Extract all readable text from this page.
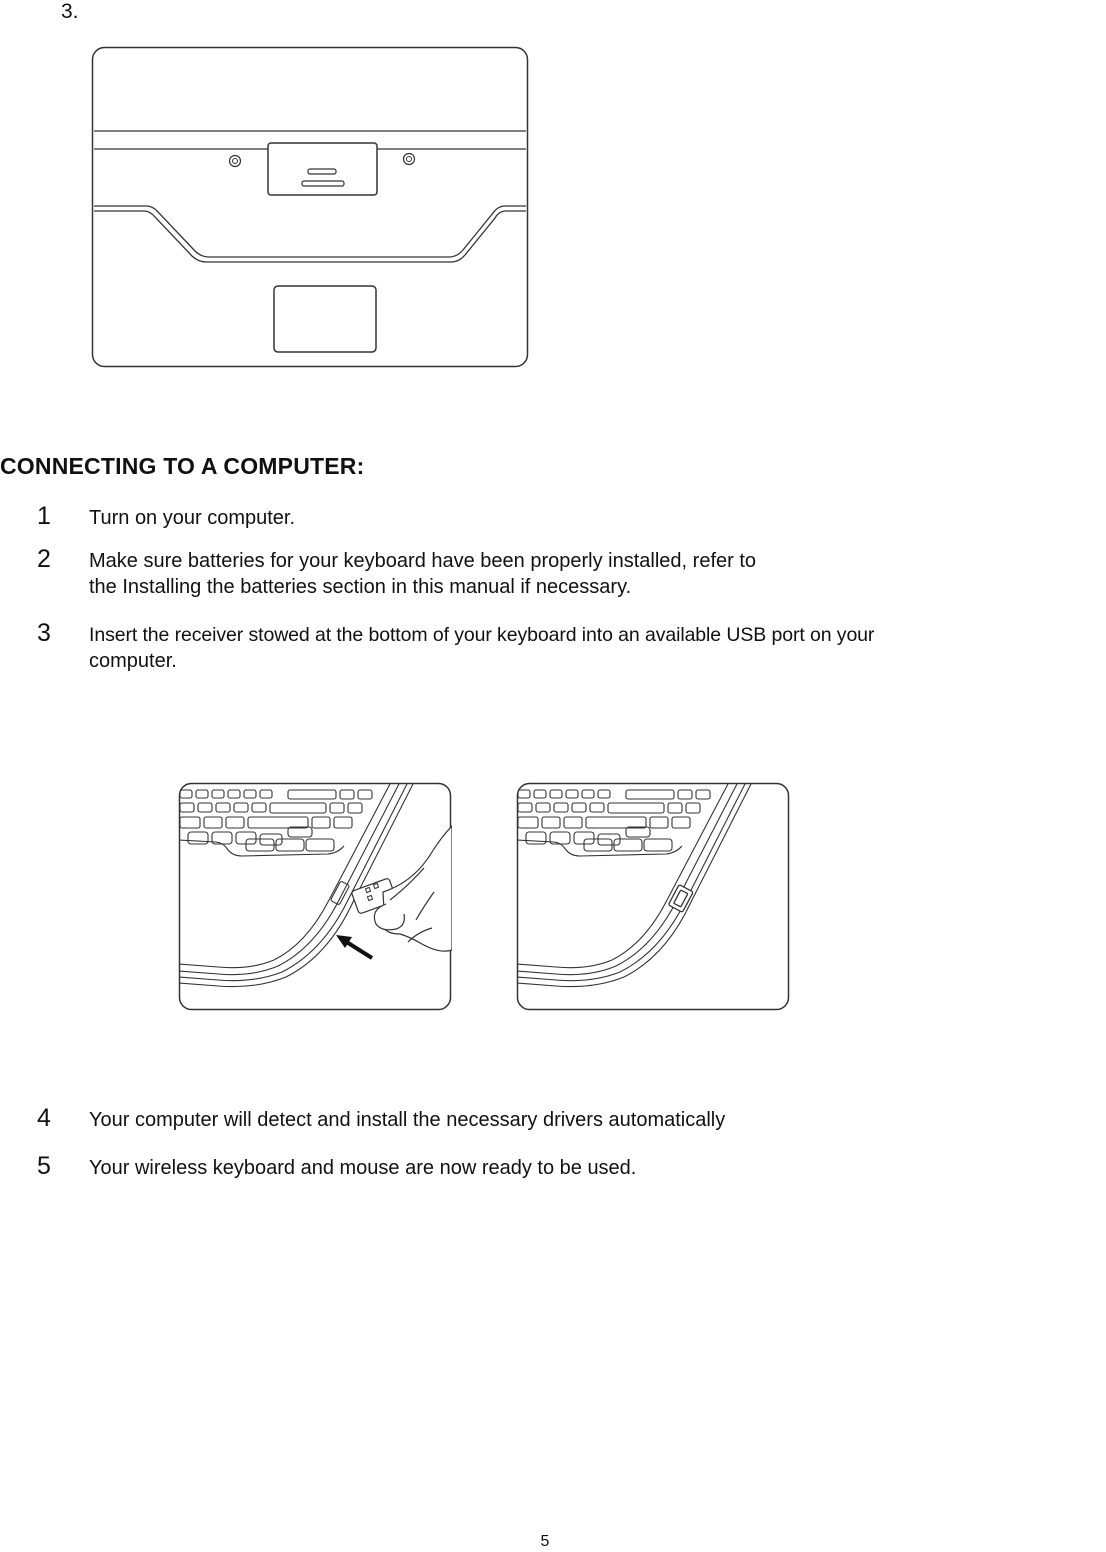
3.
CONNECTING TO A COMPUTER:
1 Turn on your computer.
2 Make sure batteries for your keyboard have been properly installed, refer to
the Installing the batteries section in this manual if necessary.
3 Insert the receiver stowed at the bottom of your keyboard into an available USB port on your
computer.
4 Your computer will detect and install the necessary drivers automatically
5 Your wireless keyboard and mouse are now ready to be used.
5
